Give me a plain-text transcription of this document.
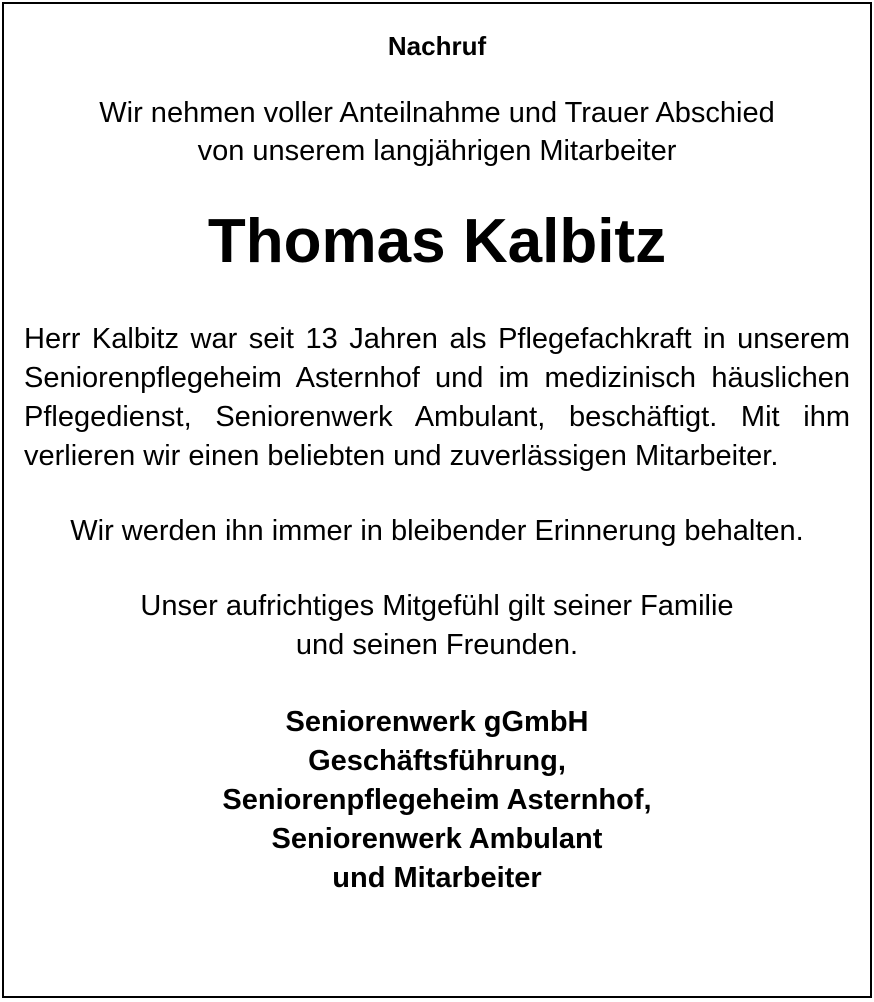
Nachruf

Wir nehmen voller Anteilnahme und Trauer Abschied
von unserem langjährigen Mitarbeiter

Thomas Kalbitz

Herr Kalbitz war seit 13 Jahren als Pflegefachkraft in unserem Seniorenpflegeheim Asternhof und im medizinisch häuslichen Pflegedienst, Seniorenwerk Ambulant, beschäftigt. Mit ihm verlieren wir einen beliebten und zuverlässigen Mitarbeiter.

Wir werden ihn immer in bleibender Erinnerung behalten.

Unser aufrichtiges Mitgefühl gilt seiner Familie
und seinen Freunden.

Seniorenwerk gGmbH
Geschäftsführung,
Seniorenpflegeheim Asternhof,
Seniorenwerk Ambulant
und Mitarbeiter
